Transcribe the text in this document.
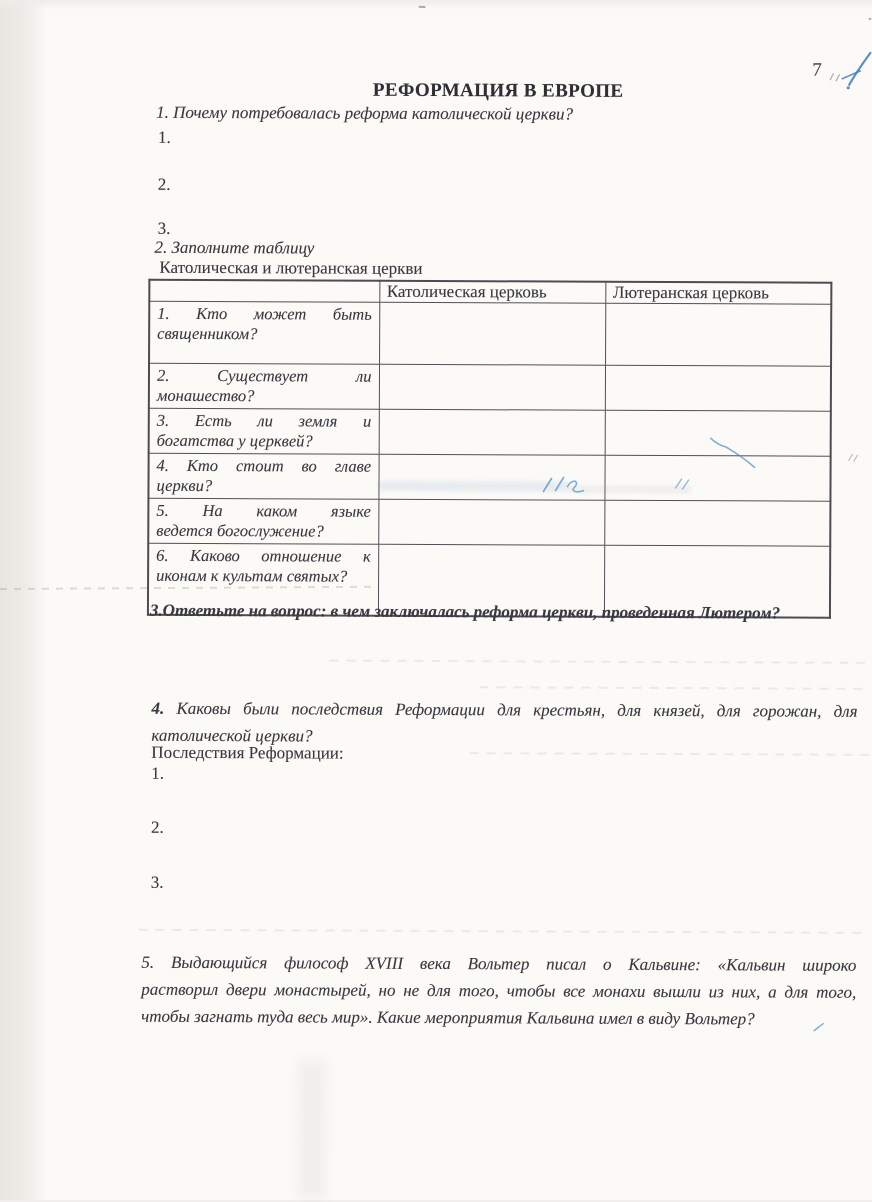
7
РЕФОРМАЦИЯ В ЕВРОПЕ
1. Почему потребовалась реформа католической церкви?
1.
2.
3.
2. Заполните таблицу
Католическая и лютеранская церкви
	Католическая церковь	Лютеранская церковь

1. Кто может быть
священником?		

2. Существует ли
монашество?		

3. Есть ли земля и
богатства у церквей?		

4. Кто стоит во главе
церкви?		

5. На каком языке
ведется богослужение?		

6. Каково отношение к
иконам к культам святых?		

3.Ответьте на вопрос: в чем заключалась реформа церкви, проведенная Лютером?
4. Каковы были последствия Реформации для крестьян, для князей, для горожан, для
католической церкви?
Последствия Реформации:
1.
2.
3.
5. Выдающийся философ XVIII века Вольтер писал о Кальвине: «Кальвин широко
растворил двери монастырей, но не для того, чтобы все монахи вышли из них, а для того,
чтобы загнать туда весь мир». Какие мероприятия Кальвина имел в виду Вольтер?
